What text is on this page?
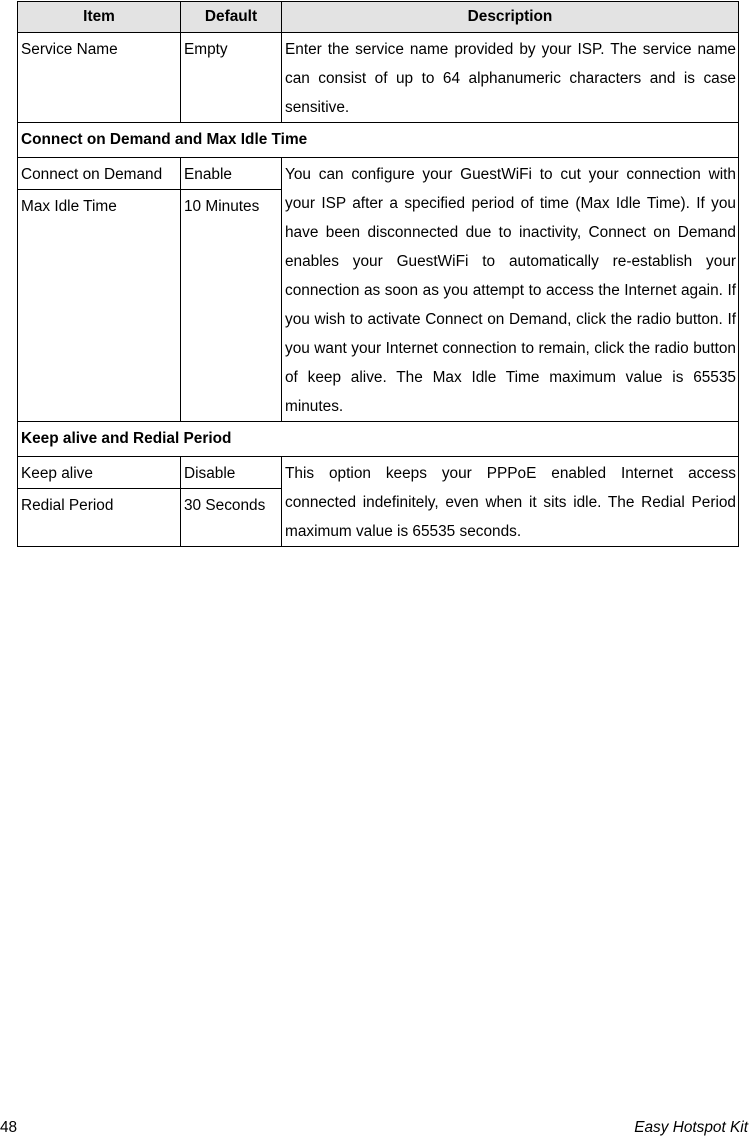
Item	Default	Description
Service Name	Empty	Enter the service name provided by your ISP. The service name can consist of up to 64 alphanumeric characters and is case sensitive.
Connect on Demand and Max Idle Time		
Connect on Demand	Enable	You can configure your GuestWiFi to cut your connection with your ISP after a specified period of time (Max Idle Time). If you have been disconnected due to inactivity, Connect on Demand enables your GuestWiFi to automatically re-establish your connection as soon as you attempt to access the Internet again. If you wish to activate Connect on Demand, click the radio button. If you want your Internet connection to remain, click the radio button of keep alive. The Max Idle Time maximum value is 65535 minutes.
Max Idle Time	10 Minutes	
Keep alive and Redial Period		
Keep alive	Disable	This option keeps your PPPoE enabled Internet access connected indefinitely, even when it sits idle. The Redial Period maximum value is 65535 seconds.
Redial Period	30 Seconds	
48	Easy Hotspot Kit
